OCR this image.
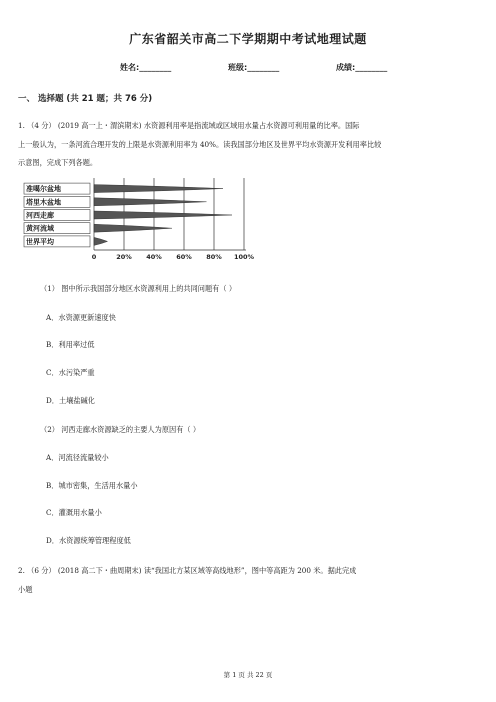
广东省韶关市高二下学期期中考试地理试题
姓名:________	班级:________	成绩:________
一、 选择题 (共 21 题；共 76 分)
1. （4 分） (2019 高一上・渭滨期末) 水资源利用率是指流域或区域用水量占水资源可利用量的比率。国际
上一般认为，一条河流合理开发的上限是水资源利用率为 40%。读我国部分地区及世界平均水资源开发利用率比较
示意图，完成下列各题。
准噶尔盆地
塔里木盆地
河西走廊
黄河流域
世界平均
0	20% 40% 60% 80% 100%
（1） 图中所示我国部分地区水资源利用上的共同问题有（ ）
A．水资源更新速度快
B．利用率过低
C．水污染严重
D．土壤盐碱化
（2） 河西走廊水资源缺乏的主要人为原因有（ ）
A．河流径流量较小
B．城市密集，生活用水量小
C．灌溉用水量小
D．水资源统筹管理程度低
2. （6 分） (2018 高二下・曲周期末) 读“我国北方某区域等高线地形”，图中等高距为 200 米。据此完成
小题
第 1 页 共 22 页
